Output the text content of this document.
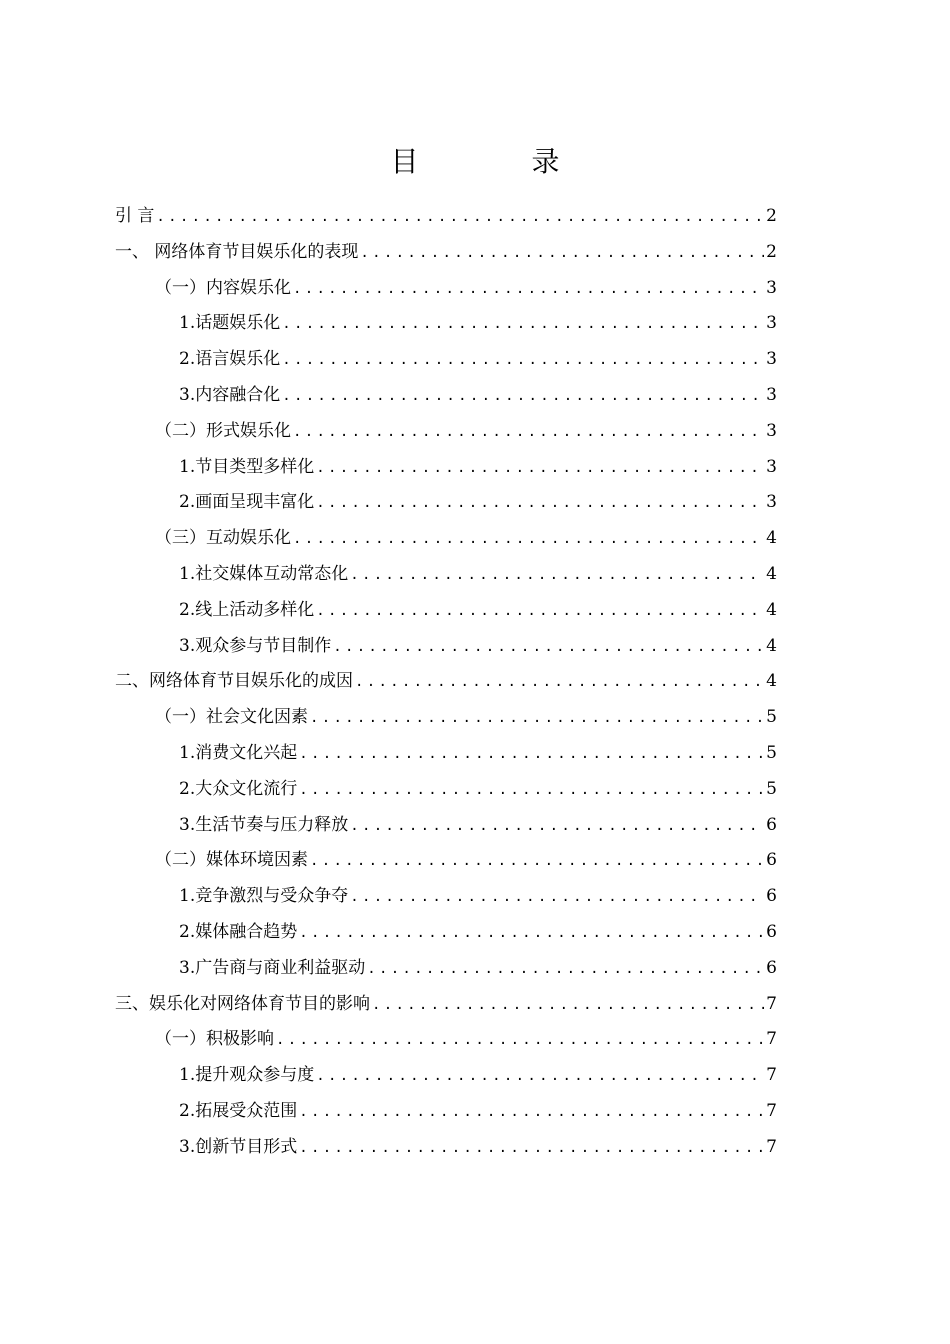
目 录
引 言 .....	2
一、 网络体育节目娱乐化的表现 .....	2
（一）内容娱乐化 .....	3
1.话题娱乐化 .....	3
2.语言娱乐化 .....	3
3.内容融合化 .....	3
（二）形式娱乐化 .....	3
1.节目类型多样化 .....	3
2.画面呈现丰富化 .....	3
（三）互动娱乐化 .....	4
1.社交媒体互动常态化 .....	4
2.线上活动多样化 .....	4
3.观众参与节目制作 .....	4
二、网络体育节目娱乐化的成因 .....	4
（一）社会文化因素 .....	5
1.消费文化兴起 .....	5
2.大众文化流行 .....	5
3.生活节奏与压力释放 .....	6
（二）媒体环境因素 .....	6
1.竞争激烈与受众争夺 .....	6
2.媒体融合趋势 .....	6
3.广告商与商业利益驱动 .....	6
三、娱乐化对网络体育节目的影响 .....	7
（一）积极影响 .....	7
1.提升观众参与度 .....	7
2.拓展受众范围 .....	7
3.创新节目形式 .....	7
